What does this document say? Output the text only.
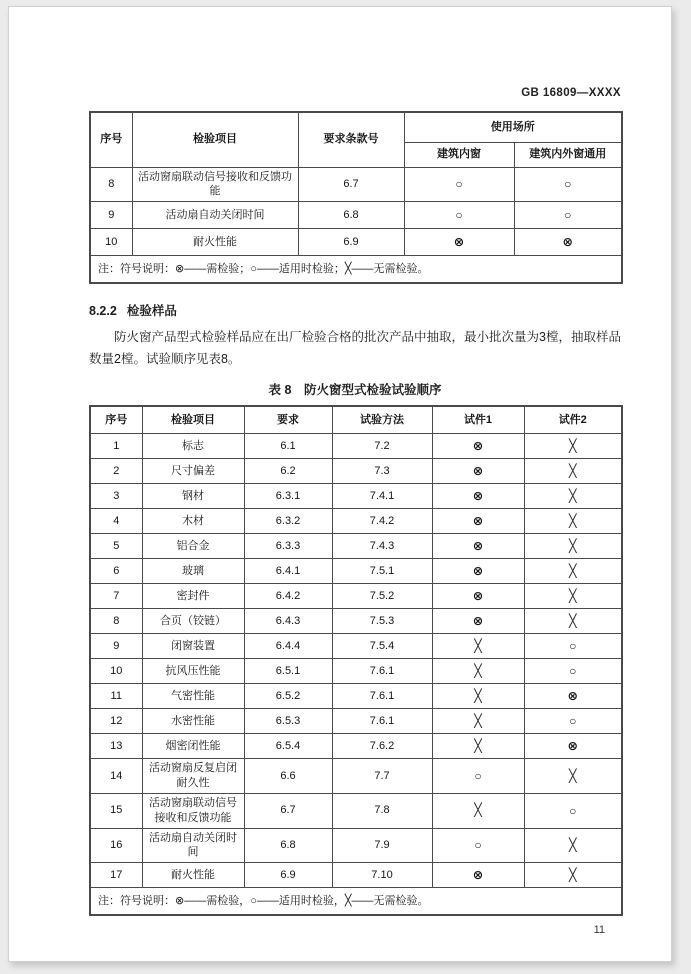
GB 16809—XXXX
序号	检验项目	要求条款号	使用场所	
			建筑内窗	建筑内外窗通用
8	活动窗扇联动信号接收和反馈功能	6.7	○	○
9	活动扇自动关闭时间	6.8	○	○
10	耐火性能	6.9	⊗	⊗
注：符号说明：⊗——需检验；○——适用时检验；╳——无需检验。				
8.2.2 检验样品
防火窗产品型式检验样品应在出厂检验合格的批次产品中抽取，最小批次量为3樘，抽取样品数量2樘。试验顺序见表8。
表 8　防火窗型式检验试验顺序
序号	检验项目	要求	试验方法	试件1	试件2
1	标志	6.1	7.2	⊗	╳
2	尺寸偏差	6.2	7.3	⊗	╳
3	钢材	6.3.1	7.4.1	⊗	╳
4	木材	6.3.2	7.4.2	⊗	╳
5	铝合金	6.3.3	7.4.3	⊗	╳
6	玻璃	6.4.1	7.5.1	⊗	╳
7	密封件	6.4.2	7.5.2	⊗	╳
8	合页（铰链）	6.4.3	7.5.3	⊗	╳
9	闭窗装置	6.4.4	7.5.4	╳	○
10	抗风压性能	6.5.1	7.6.1	╳	○
11	气密性能	6.5.2	7.6.1	╳	⊗
12	水密性能	6.5.3	7.6.1	╳	○
13	烟密闭性能	6.5.4	7.6.2	╳	⊗
14	活动窗扇反复启闭耐久性	6.6	7.7	○	╳
15	活动窗扇联动信号接收和反馈功能	6.7	7.8	╳	○
16	活动扇自动关闭时间	6.8	7.9	○	╳
17	耐火性能	6.9	7.10	⊗	╳
注：符号说明：⊗——需检验，○——适用时检验，╳——无需检验。					
11
